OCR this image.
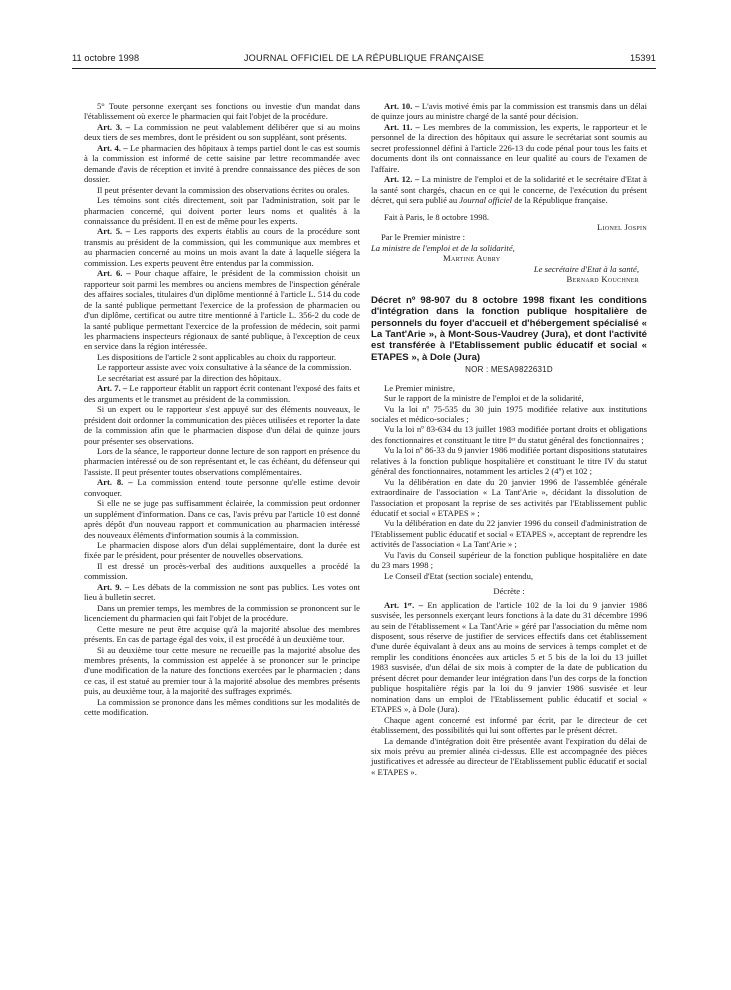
11 octobre 1998	JOURNAL OFFICIEL DE LA RÉPUBLIQUE FRANÇAISE	15391

5° Toute personne exerçant ses fonctions ou investie d'un mandat dans l'établissement où exerce le pharmacien qui fait l'objet de la procédure.

Art. 3. – La commission ne peut valablement délibérer que si au moins deux tiers de ses membres, dont le président ou son suppléant, sont présents.

Art. 4. – Le pharmacien des hôpitaux à temps partiel dont le cas est soumis à la commission est informé de cette saisine par lettre recommandée avec demande d'avis de réception et invité à prendre connaissance des pièces de son dossier.

Il peut présenter devant la commission des observations écrites ou orales.

Les témoins sont cités directement, soit par l'administration, soit par le pharmacien concerné, qui doivent porter leurs noms et qualités à la connaissance du président. Il en est de même pour les experts.

Art. 5. – Les rapports des experts établis au cours de la procédure sont transmis au président de la commission, qui les communique aux membres et au pharmacien concerné au moins un mois avant la date à laquelle siégera la commission. Les experts peuvent être entendus par la commission.

Art. 6. – Pour chaque affaire, le président de la commission choisit un rapporteur soit parmi les membres ou anciens membres de l'inspection générale des affaires sociales, titulaires d'un diplôme mentionné à l'article L. 514 du code de la santé publique permettant l'exercice de la profession de pharmacien ou d'un diplôme, certificat ou autre titre mentionné à l'article L. 356-2 du code de la santé publique permettant l'exercice de la profession de médecin, soit parmi les pharmaciens inspecteurs régionaux de santé publique, à l'exception de ceux en service dans la région intéressée.

Les dispositions de l'article 2 sont applicables au choix du rapporteur.

Le rapporteur assiste avec voix consultative à la séance de la commission.

Le secrétariat est assuré par la direction des hôpitaux.

Art. 7. – Le rapporteur établit un rapport écrit contenant l'exposé des faits et des arguments et le transmet au président de la commission.

Si un expert ou le rapporteur s'est appuyé sur des éléments nouveaux, le président doit ordonner la communication des pièces utilisées et reporter la date de la commission afin que le pharmacien dispose d'un délai de quinze jours pour présenter ses observations.

Lors de la séance, le rapporteur donne lecture de son rapport en présence du pharmacien intéressé ou de son représentant et, le cas échéant, du défenseur qui l'assiste. Il peut présenter toutes observations complémentaires.

Art. 8. – La commission entend toute personne qu'elle estime devoir convoquer.

Si elle ne se juge pas suffisamment éclairée, la commission peut ordonner un supplément d'information. Dans ce cas, l'avis prévu par l'article 10 est donné après dépôt d'un nouveau rapport et communication au pharmacien intéressé des nouveaux éléments d'information soumis à la commission.

Le pharmacien dispose alors d'un délai supplémentaire, dont la durée est fixée par le président, pour présenter de nouvelles observations.

Il est dressé un procès-verbal des auditions auxquelles a procédé la commission.

Art. 9. – Les débats de la commission ne sont pas publics. Les votes ont lieu à bulletin secret.

Dans un premier temps, les membres de la commission se prononcent sur le licenciement du pharmacien qui fait l'objet de la procédure.

Cette mesure ne peut être acquise qu'à la majorité absolue des membres présents. En cas de partage égal des voix, il est procédé à un deuxième tour.

Si au deuxième tour cette mesure ne recueille pas la majorité absolue des membres présents, la commission est appelée à se prononcer sur le principe d'une modification de la nature des fonctions exercées par le pharmacien ; dans ce cas, il est statué au premier tour à la majorité absolue des membres présents puis, au deuxième tour, à la majorité des suffrages exprimés.

La commission se prononce dans les mêmes conditions sur les modalités de cette modification.

Art. 10. – L'avis motivé émis par la commission est transmis dans un délai de quinze jours au ministre chargé de la santé pour décision.

Art. 11. – Les membres de la commission, les experts, le rapporteur et le personnel de la direction des hôpitaux qui assure le secrétariat sont soumis au secret professionnel défini à l'article 226-13 du code pénal pour tous les faits et documents dont ils ont connaissance en leur qualité au cours de l'examen de l'affaire.

Art. 12. – La ministre de l'emploi et de la solidarité et le secrétaire d'Etat à la santé sont chargés, chacun en ce qui le concerne, de l'exécution du présent décret, qui sera publié au Journal officiel de la République française.

Fait à Paris, le 8 octobre 1998.

Lionel Jospin

Par le Premier ministre :

La ministre de l'emploi et de la solidarité,

Martine Aubry

Le secrétaire d'Etat à la santé,

Bernard Kouchner

Décret nº 98-907 du 8 octobre 1998 fixant les conditions d'intégration dans la fonction publique hospitalière de personnels du foyer d'accueil et d'hébergement spécialisé « La Tant'Arie », à Mont-Sous-Vaudrey (Jura), et dont l'activité est transférée à l'Etablissement public éducatif et social « ETAPES », à Dole (Jura)
NOR : MESA9822631D

Le Premier ministre,

Sur le rapport de la ministre de l'emploi et de la solidarité,

Vu la loi nº 75-535 du 30 juin 1975 modifiée relative aux institutions sociales et médico-sociales ;

Vu la loi nº 83-634 du 13 juillet 1983 modifiée portant droits et obligations des fonctionnaires et constituant le titre Iᵉʳ du statut général des fonctionnaires ;

Vu la loi nº 86-33 du 9 janvier 1986 modifiée portant dispositions statutaires relatives à la fonction publique hospitalière et constituant le titre IV du statut général des fonctionnaires, notamment les articles 2 (4º) et 102 ;

Vu la délibération en date du 20 janvier 1996 de l'assemblée générale extraordinaire de l'association « La Tant'Arie », décidant la dissolution de l'association et proposant la reprise de ses activités par l'Etablissement public éducatif et social « ETAPES » ;

Vu la délibération en date du 22 janvier 1996 du conseil d'administration de l'Etablissement public éducatif et social « ETAPES », acceptant de reprendre les activités de l'association « La Tant'Arie » ;

Vu l'avis du Conseil supérieur de la fonction publique hospitalière en date du 23 mars 1998 ;

Le Conseil d'Etat (section sociale) entendu,

Décrète :

Art. 1ᵉʳ. – En application de l'article 102 de la loi du 9 janvier 1986 susvisée, les personnels exerçant leurs fonctions à la date du 31 décembre 1996 au sein de l'établissement « La Tant'Arie » géré par l'association du même nom disposent, sous réserve de justifier de services effectifs dans cet établissement d'une durée équivalant à deux ans au moins de services à temps complet et de remplir les conditions énoncées aux articles 5 et 5 bis de la loi du 13 juillet 1983 susvisée, d'un délai de six mois à compter de la date de publication du présent décret pour demander leur intégration dans l'un des corps de la fonction publique hospitalière régis par la loi du 9 janvier 1986 susvisée et leur nomination dans un emploi de l'Etablissement public éducatif et social « ETAPES », à Dole (Jura).

Chaque agent concerné est informé par écrit, par le directeur de cet établissement, des possibilités qui lui sont offertes par le présent décret.

La demande d'intégration doit être présentée avant l'expiration du délai de six mois prévu au premier alinéa ci-dessus. Elle est accompagnée des pièces justificatives et adressée au directeur de l'Etablissement public éducatif et social « ETAPES ».
